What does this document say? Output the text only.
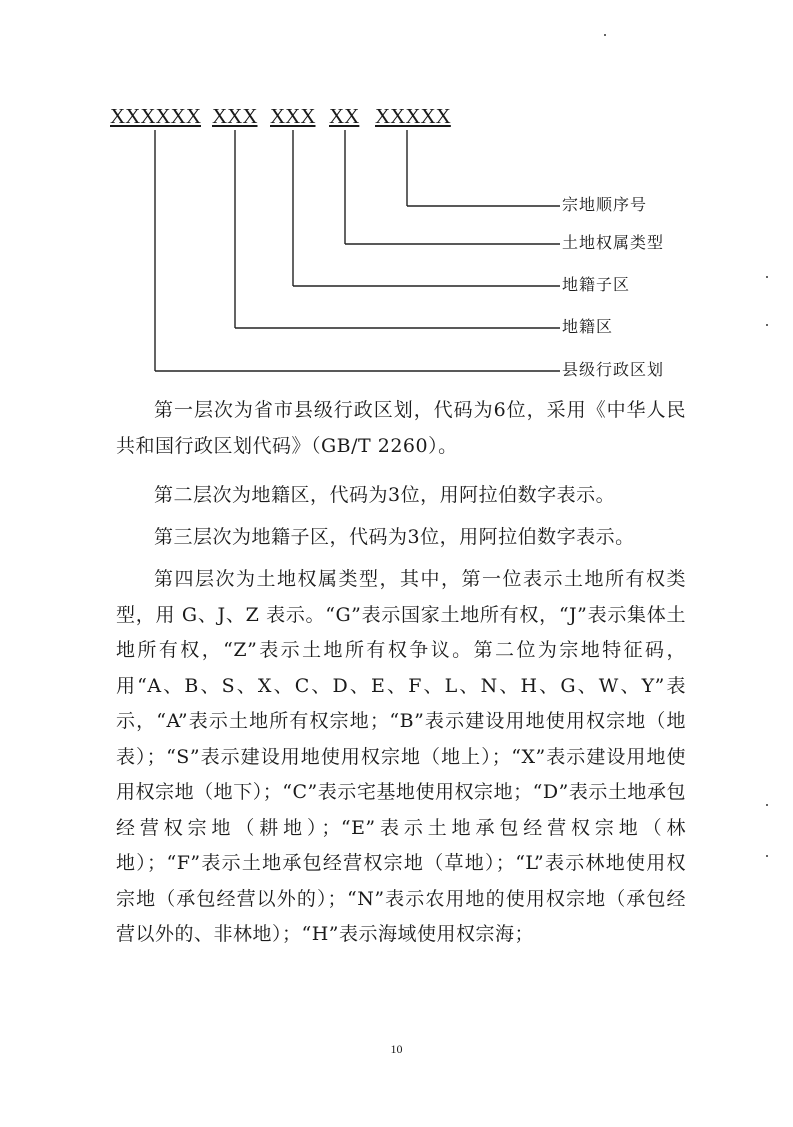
XXXXXX XXX XXX XX XXXXX
宗地顺序号
土地权属类型
地籍子区
地籍区
县级行政区划
第一层次为省市县级行政区划，代码为6位，采用《中华人民共和国行政区划代码》（GB/T 2260）。
第二层次为地籍区，代码为3位，用阿拉伯数字表示。
第三层次为地籍子区，代码为3位，用阿拉伯数字表示。
第四层次为土地权属类型，其中，第一位表示土地所有权类型，用 G、J、Z 表示。“G”表示国家土地所有权，“J”表示集体土地所有权，“Z”表示土地所有权争议。第二位为宗地特征码，用“A、B、S、X、C、D、E、F、L、N、H、G、W、Y”表示，“A”表示土地所有权宗地；“B”表示建设用地使用权宗地（地表）；“S”表示建设用地使用权宗地（地上）；“X”表示建设用地使用权宗地（地下）；“C”表示宅基地使用权宗地；“D”表示土地承包经营权宗地（耕地）；“E”表示土地承包经营权宗地（林地）；“F”表示土地承包经营权宗地（草地）；“L”表示林地使用权宗地（承包经营以外的）；“N”表示农用地的使用权宗地（承包经营以外的、非林地）；“H”表示海域使用权宗海；
10
